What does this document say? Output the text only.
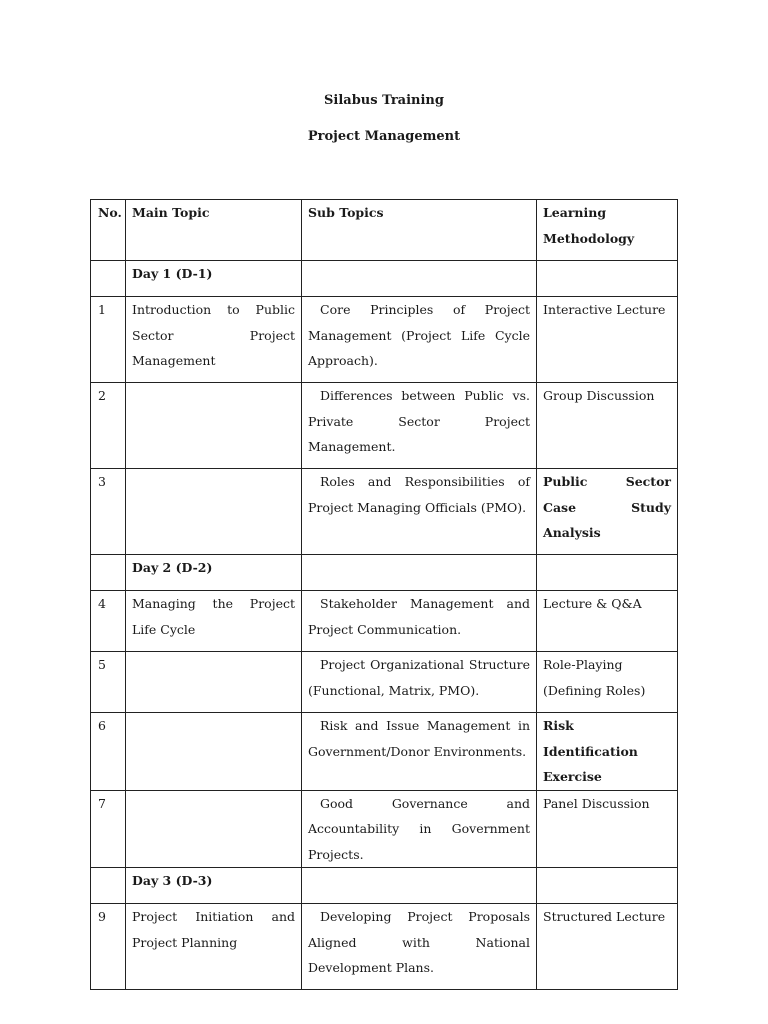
Silabus Training

Project Management

No.	Main Topic	Sub Topics	Learning Methodology
	Day 1 (D-1)		
1	Introduction to Public Sector Project Management	Core Principles of Project Management (Project Life Cycle Approach).	Interactive Lecture
2		Differences between Public vs. Private Sector Project Management.	Group Discussion
3		Roles and Responsibilities of Project Managing Officials (PMO).	Public Sector Case Study Analysis
	Day 2 (D-2)		
4	Managing the Project Life Cycle	Stakeholder Management and Project Communication.	Lecture & Q&A
5		Project Organizational Structure (Functional, Matrix, PMO).	Role-Playing (Defining Roles)
6		Risk and Issue Management in Government/Donor Environments.	Risk Identification Exercise
7		Good Governance and Accountability in Government Projects.	Panel Discussion
	Day 3 (D-3)		
9	Project Initiation and Project Planning	Developing Project Proposals Aligned with National Development Plans.	Structured Lecture
